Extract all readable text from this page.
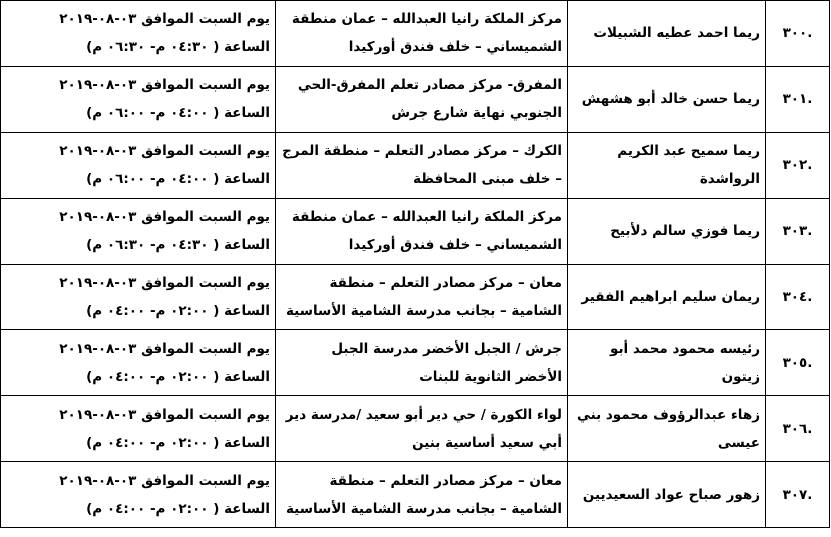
.٣٠٠	ريما احمد عطيه الشبيلات	مركز الملكة رانيا العبدالله – عمان منطقة
الشميساني – خلف فندق أوركيدا	يوم السبت الموافق ٠٣-٠٨-٢٠١٩
الساعة ( ٠٤:٣٠ م- ٠٦:٣٠ م)

.٣٠١	ريما حسن خالد أبو هشهش	المفرق- مركز مصادر تعلم المفرق-الحي
الجنوبي نهاية شارع جرش	يوم السبت الموافق ٠٣-٠٨-٢٠١٩
الساعة ( ٠٤:٠٠ م- ٠٦:٠٠ م)

.٣٠٢	ريما سميح عبد الكريم الرواشدة	الكرك – مركز مصادر التعلم – منطقة المرج
– خلف مبنى المحافظة	يوم السبت الموافق ٠٣-٠٨-٢٠١٩
الساعة ( ٠٤:٠٠ م- ٠٦:٠٠ م)

.٣٠٣	ريما فوزي سالم دلأبيح	مركز الملكة رانيا العبدالله – عمان منطقة
الشميساني – خلف فندق أوركيدا	يوم السبت الموافق ٠٣-٠٨-٢٠١٩
الساعة ( ٠٤:٣٠ م- ٠٦:٣٠ م)

.٣٠٤	ريمان سليم ابراهيم الفقير	معان – مركز مصادر التعلم – منطقة
الشامية – بجانب مدرسة الشامية الأساسية	يوم السبت الموافق ٠٣-٠٨-٢٠١٩
الساعة ( ٠٢:٠٠ م- ٠٤:٠٠ م)

.٣٠٥	رئيسه محمود محمد أبو زيتون	جرش / الجبل الأخضر مدرسة الجبل
الأخضر الثانوية للبنات	يوم السبت الموافق ٠٣-٠٨-٢٠١٩
الساعة ( ٠٢:٠٠ م- ٠٤:٠٠ م)

.٣٠٦	زهاء عبدالرؤوف محمود بني
عيسى	لواء الكورة / حي دير أبو سعيد /مدرسة دير
أبي سعيد أساسية بنين	يوم السبت الموافق ٠٣-٠٨-٢٠١٩
الساعة ( ٠٢:٠٠ م- ٠٤:٠٠ م)

.٣٠٧	زهور صباح عواد السعيديين	معان – مركز مصادر التعلم – منطقة
الشامية – بجانب مدرسة الشامية الأساسية	يوم السبت الموافق ٠٣-٠٨-٢٠١٩
الساعة ( ٠٢:٠٠ م- ٠٤:٠٠ م)
